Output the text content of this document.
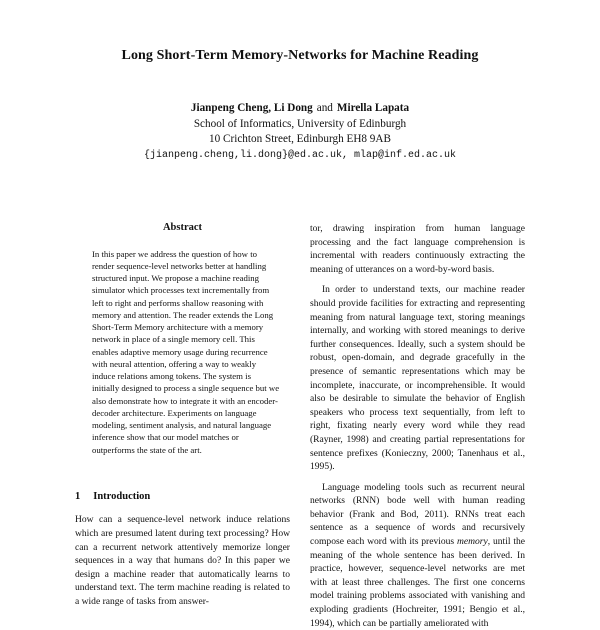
Long Short-Term Memory-Networks for Machine Reading
Jianpeng Cheng, Li Dong and Mirella Lapata
School of Informatics, University of Edinburgh
10 Crichton Street, Edinburgh EH8 9AB
{jianpeng.cheng,li.dong}@ed.ac.uk, mlap@inf.ed.ac.uk
Abstract
In this paper we address the question of how to render sequence-level networks better at handling structured input. We propose a machine reading simulator which processes text incrementally from left to right and performs shallow reasoning with memory and attention. The reader extends the Long Short-Term Memory architecture with a memory network in place of a single memory cell. This enables adaptive memory usage during recurrence with neural attention, offering a way to weakly induce relations among tokens. The system is initially designed to process a single sequence but we also demonstrate how to integrate it with an encoder-decoder architecture. Experiments on language modeling, sentiment analysis, and natural language inference show that our model matches or outperforms the state of the art.
1 Introduction

How can a sequence-level network induce relations which are presumed latent during text processing? How can a recurrent network attentively memorize longer sequences in a way that humans do? In this paper we design a machine reader that automatically learns to understand text. The term machine reading is related to a wide range of tasks from answer-

tor, drawing inspiration from human language processing and the fact language comprehension is incremental with readers continuously extracting the meaning of utterances on a word-by-word basis.

In order to understand texts, our machine reader should provide facilities for extracting and representing meaning from natural language text, storing meanings internally, and working with stored meanings to derive further consequences. Ideally, such a system should be robust, open-domain, and degrade gracefully in the presence of semantic representations which may be incomplete, inaccurate, or incomprehensible. It would also be desirable to simulate the behavior of English speakers who process text sequentially, from left to right, fixating nearly every word while they read (Rayner, 1998) and creating partial representations for sentence prefixes (Konieczny, 2000; Tanenhaus et al., 1995).

Language modeling tools such as recurrent neural networks (RNN) bode well with human reading behavior (Frank and Bod, 2011). RNNs treat each sentence as a sequence of words and recursively compose each word with its previous memory, until the meaning of the whole sentence has been derived. In practice, however, sequence-level networks are met with at least three challenges. The first one concerns model training problems associated with vanishing and exploding gradients (Hochreiter, 1991; Bengio et al., 1994), which can be partially ameliorated with
